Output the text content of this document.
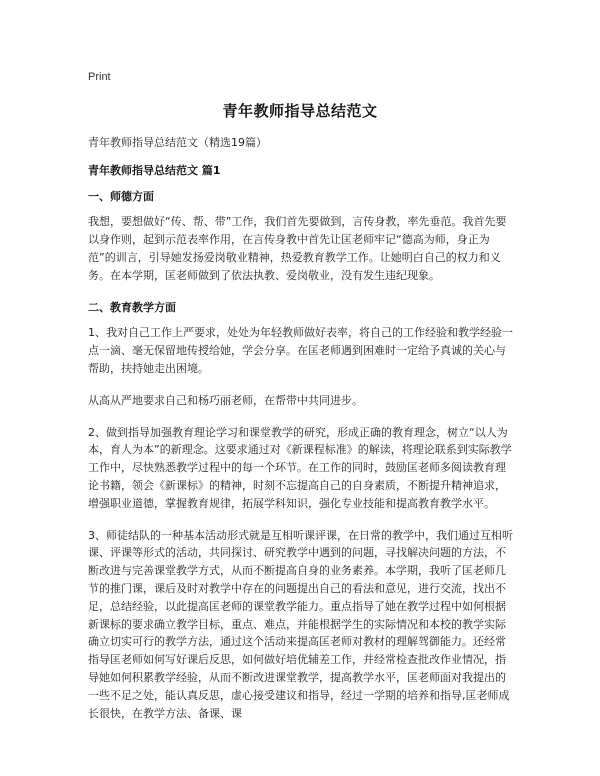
Print
青年教师指导总结范文

青年教师指导总结范文（精选19篇）

青年教师指导总结范文 篇1

一、师德方面

我想，要想做好“传、帮、带”工作，我们首先要做到，言传身教，率先垂范。我首先要以身作则，起到示范表率作用，在言传身教中首先让匡老师牢记“德高为师，身正为范”的训言，引导她发扬爱岗敬业精神，热爱教育教学工作。让她明白自己的权力和义务。在本学期，匡老师做到了依法执教、爱岗敬业，没有发生违纪现象。

二、教育教学方面

1、我对自己工作上严要求，处处为年轻教师做好表率，将自己的工作经验和教学经验一点一滴、毫无保留地传授给她，学会分享。在匡老师遇到困难时一定给予真诚的关心与帮助，扶持她走出困境。

从高从严地要求自己和杨巧丽老师，在帮带中共同进步。

2、做到指导加强教育理论学习和课堂教学的研究，形成正确的教育理念，树立“以人为本，育人为本”的新理念。这要求通过对《新课程标准》的解读，将理论联系到实际教学工作中，尽快熟悉教学过程中的每一个环节。在工作的同时，鼓励匡老师多阅读教育理论书籍，领会《新课标》的精神，时刻不忘提高自己的自身素质，不断提升精神追求，增强职业道德，掌握教育规律，拓展学科知识，强化专业技能和提高教育教学水平。

3、师徒结队的一种基本活动形式就是互相听课评课，在日常的教学中，我们通过互相听课、评课等形式的活动，共同探讨、研究教学中遇到的问题，寻找解决问题的方法，不断改进与完善课堂教学方式，从而不断提高自身的业务素养。本学期，我听了匡老师几节的推门课，课后及时对教学中存在的问题提出自己的看法和意见，进行交流，找出不足，总结经验，以此提高匡老师的课堂教学能力。重点指导了她在教学过程中如何根据新课标的要求确立教学目标，重点、难点，并能根据学生的实际情况和本校的教学实际确立切实可行的教学方法，通过这个活动来提高匡老师对教材的理解驾御能力。还经常指导匡老师如何写好课后反思，如何做好培优辅差工作，并经常检查批改作业情况，指导她如何积累教学经验，从而不断改进课堂教学，提高教学水平，匡老师面对我提出的一些不足之处，能认真反思，虚心接受建议和指导，经过一学期的培养和指导,匡老师成长很快，在教学方法、备课、课
